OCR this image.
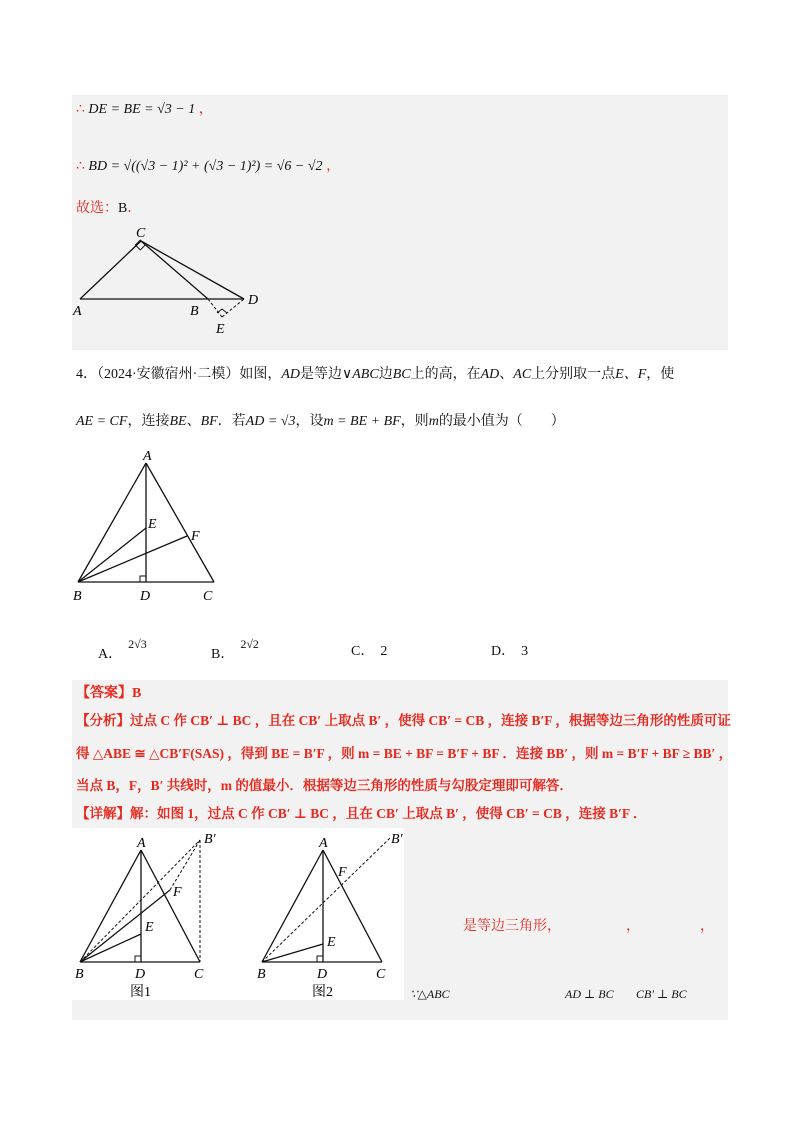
∴ DE = BE = √3 − 1 ，
∴ BD = √((√3 − 1)² + (√3 − 1)²) = √6 − √2 ，
故选：B．
C
A	B
D
E
4．（2024·安徽宿州·二模）如图，AD是等边∨ABC边BC上的高，在AD、AC上分别取一点E、F，使
AE = CF，连接BE、BF．若AD = √3，设m = BE + BF，则m的最小值为（　　）
A
E
F
B	D	C
A．2√3
B．2√2	C． 2	D． 3
【答案】B
【分析】过点 C 作 CB′ ⊥ BC ，且在 CB′ 上取点 B′ ，使得 CB′ = CB ，连接 B′F ，根据等边三角形的性质可证
得 △ABE ≅ △CB′F(SAS) ，得到 BE = B′F ，则 m = BE + BF = B′F + BF ．连接 BB′ ，则 m = B′F + BF ≥ BB′ ，
当点 B，F，B′ 共线时，m 的值最小．根据等边三角形的性质与勾股定理即可解答．
【详解】解：如图 1，过点 C 作 CB′ ⊥ BC ，且在 CB′ 上取点 B′ ，使得 CB′ = CB ，连接 B′F ．
A	B′
F
E
B	D	C
图1
A	B′
F
E
B	D	C
图2
是等边三角形，	，	，
∵△ABC	AD ⊥ BC CB′ ⊥ BC
